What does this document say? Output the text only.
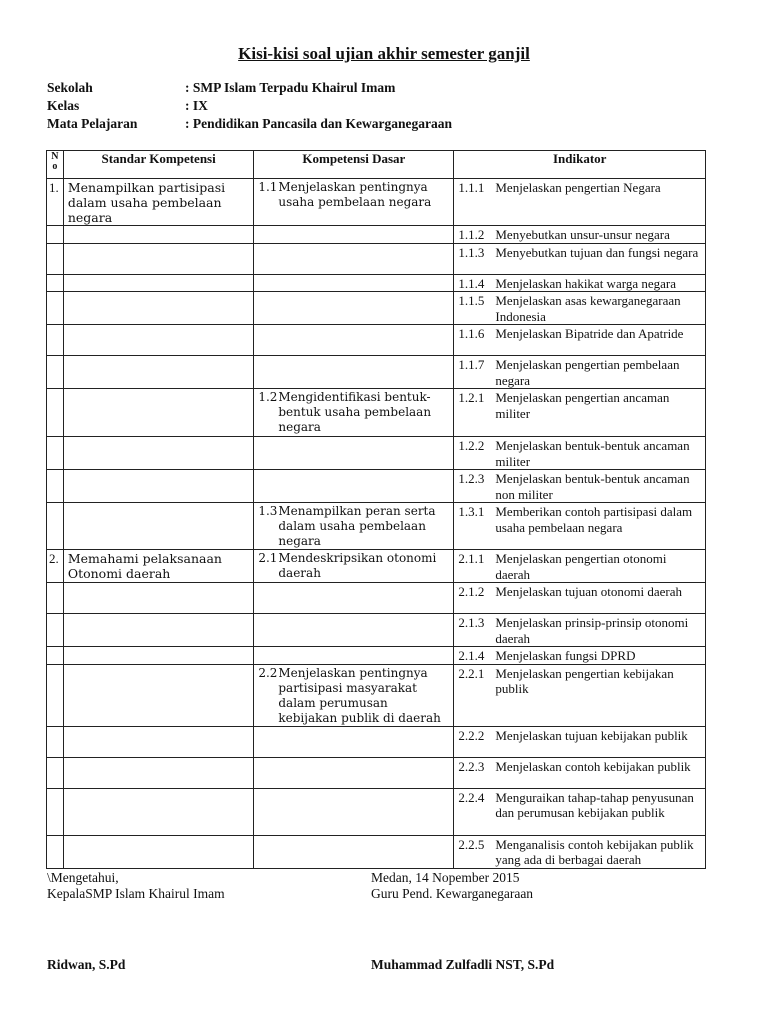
Kisi-kisi soal ujian akhir semester ganjil
Sekolah	: SMP Islam Terpadu Khairul Imam
Kelas	: IX
Mata Pelajaran	: Pendidikan Pancasila dan Kewarganegaraan
N
o	Standar Kompetensi	Kompetensi Dasar	Indikator
1.	Menampilkan partisipasi dalam usaha pembelaan negara	1.1 Menjelaskan pentingnya usaha pembelaan negara	1.1.1 Menjelaskan pengertian Negara

			1.1.2 Menyebutkan unsur-unsur negara

			1.1.3 Menyebutkan tujuan dan fungsi negara

			1.1.4 Menjelaskan hakikat warga negara

			1.1.5 Menjelaskan asas kewarganegaraan Indonesia

			1.1.6 Menjelaskan Bipatride dan Apatride

			1.1.7 Menjelaskan pengertian pembelaan negara

		1.2 Mengidentifikasi bentuk-bentuk usaha pembelaan negara	1.2.1 Menjelaskan pengertian ancaman militer

			1.2.2 Menjelaskan bentuk-bentuk ancaman militer

			1.2.3 Menjelaskan bentuk-bentuk ancaman non militer

		1.3 Menampilkan peran serta dalam usaha pembelaan negara	1.3.1 Memberikan contoh partisipasi dalam usaha pembelaan negara

2.	Memahami pelaksanaan Otonomi daerah	2.1 Mendeskripsikan otonomi daerah	2.1.1 Menjelaskan pengertian otonomi daerah

			2.1.2 Menjelaskan tujuan otonomi daerah

			2.1.3 Menjelaskan prinsip-prinsip otonomi daerah

			2.1.4 Menjelaskan fungsi DPRD

		2.2 Menjelaskan pentingnya partisipasi masyarakat dalam perumusan kebijakan publik di daerah	2.2.1 Menjelaskan pengertian kebijakan publik

			2.2.2 Menjelaskan tujuan kebijakan publik

			2.2.3 Menjelaskan contoh kebijakan publik

			2.2.4 Menguraikan tahap-tahap penyusunan dan perumusan kebijakan publik

			2.2.5 Menganalisis contoh kebijakan publik yang ada di berbagai daerah
\Mengetahui,
KepalaSMP Islam Khairul Imam
Ridwan, S.Pd
Medan, 14 Nopember 2015
Guru Pend. Kewarganegaraan
Muhammad Zulfadli NST, S.Pd
